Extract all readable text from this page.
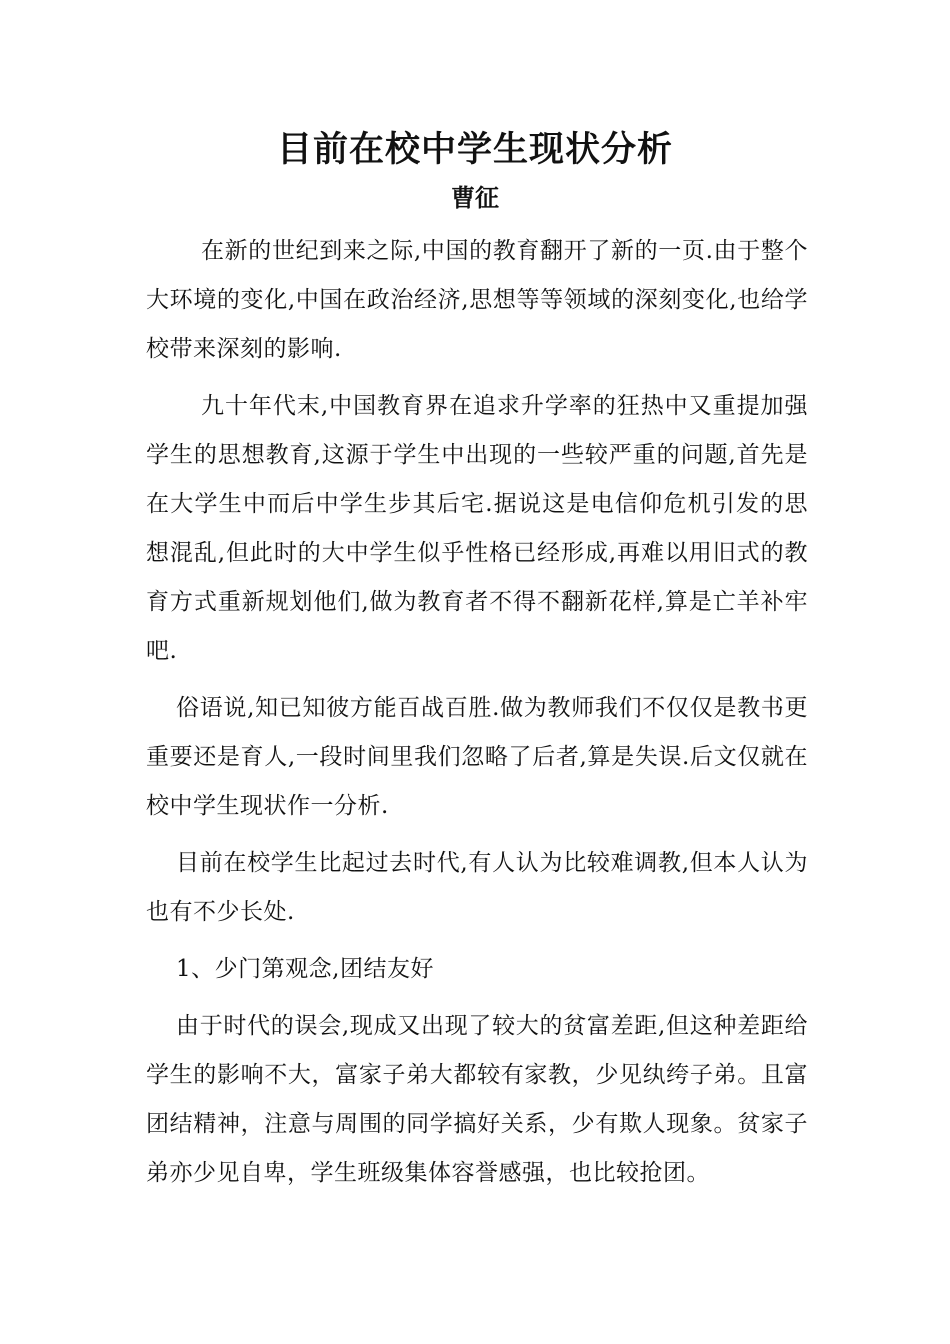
目前在校中学生现状分析
曹征

在新的世纪到来之际,中国的教育翻开了新的一页.由于整个大环境的变化,中国在政治经济,思想等等领域的深刻变化,也给学校带来深刻的影响.

九十年代末,中国教育界在追求升学率的狂热中又重提加强学生的思想教育,这源于学生中出现的一些较严重的问题,首先是在大学生中而后中学生步其后宅.据说这是电信仰危机引发的思想混乱,但此时的大中学生似乎性格已经形成,再难以用旧式的教育方式重新规划他们,做为教育者不得不翻新花样,算是亡羊补牢吧.

俗语说,知已知彼方能百战百胜.做为教师我们不仅仅是教书更重要还是育人,一段时间里我们忽略了后者,算是失误.后文仅就在校中学生现状作一分析.

目前在校学生比起过去时代,有人认为比较难调教,但本人认为也有不少长处.

1、少门第观念,团结友好

由于时代的误会,现成又出现了较大的贫富差距,但这种差距给学生的影响不大，富家子弟大都较有家教，少见纨绔子弟。且富团结精神，注意与周围的同学搞好关系，少有欺人现象。贫家子弟亦少见自卑，学生班级集体容誉感强，也比较抢团。
